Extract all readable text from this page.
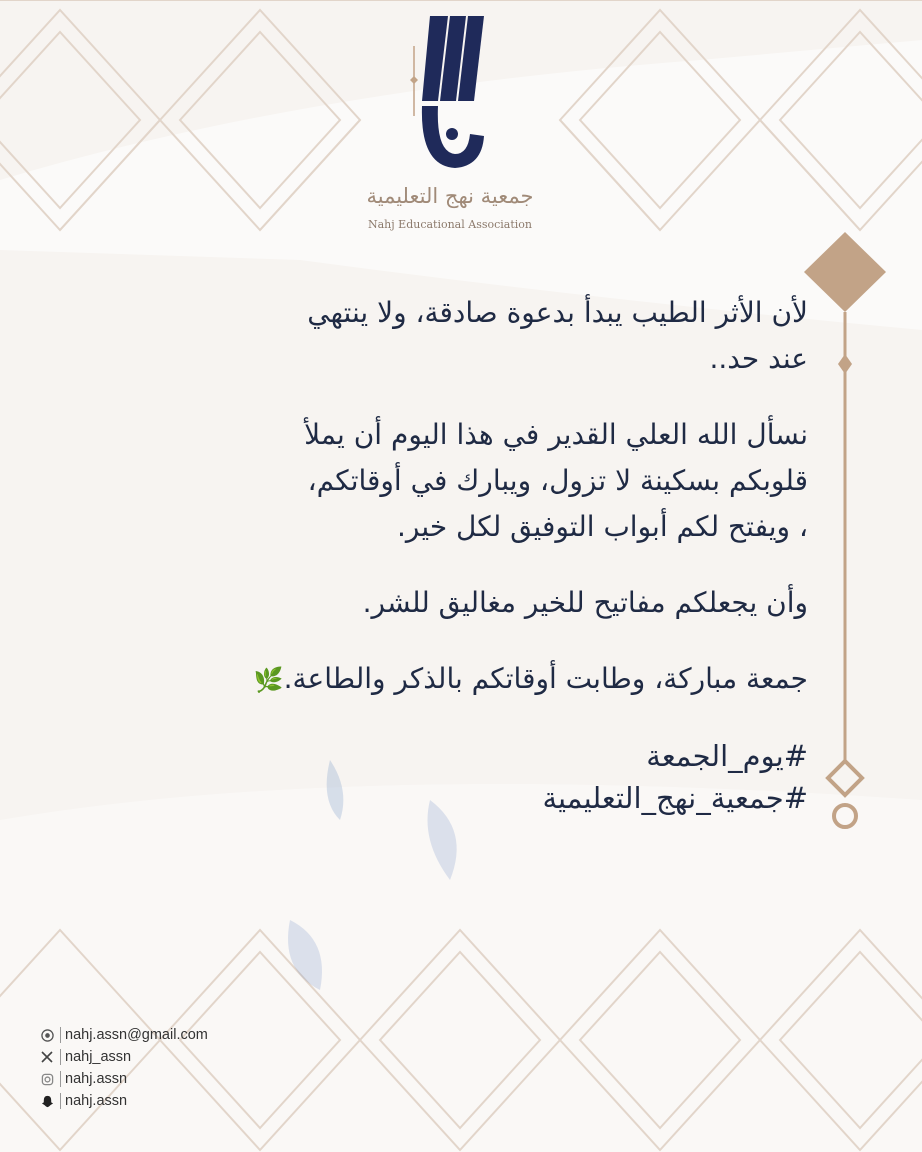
جمعية نهج التعليمية
Nahj Educational Association

لأن الأثر الطيب يبدأ بدعوة صادقة، ولا ينتهي
عند حد..

نسأل الله العلي القدير في هذا اليوم أن يملأ
قلوبكم بسكينة لا تزول، ويبارك في أوقاتكم،
، ويفتح لكم أبواب التوفيق لكل خير.

وأن يجعلكم مفاتيح للخير مغاليق للشر.

جمعة مباركة، وطابت أوقاتكم بالذكر والطاعة.🌿

#يوم_الجمعة
#جمعية_نهج_التعليمية
nahj.assn@gmail.com
nahj_assn
nahj.assn
nahj.assn
